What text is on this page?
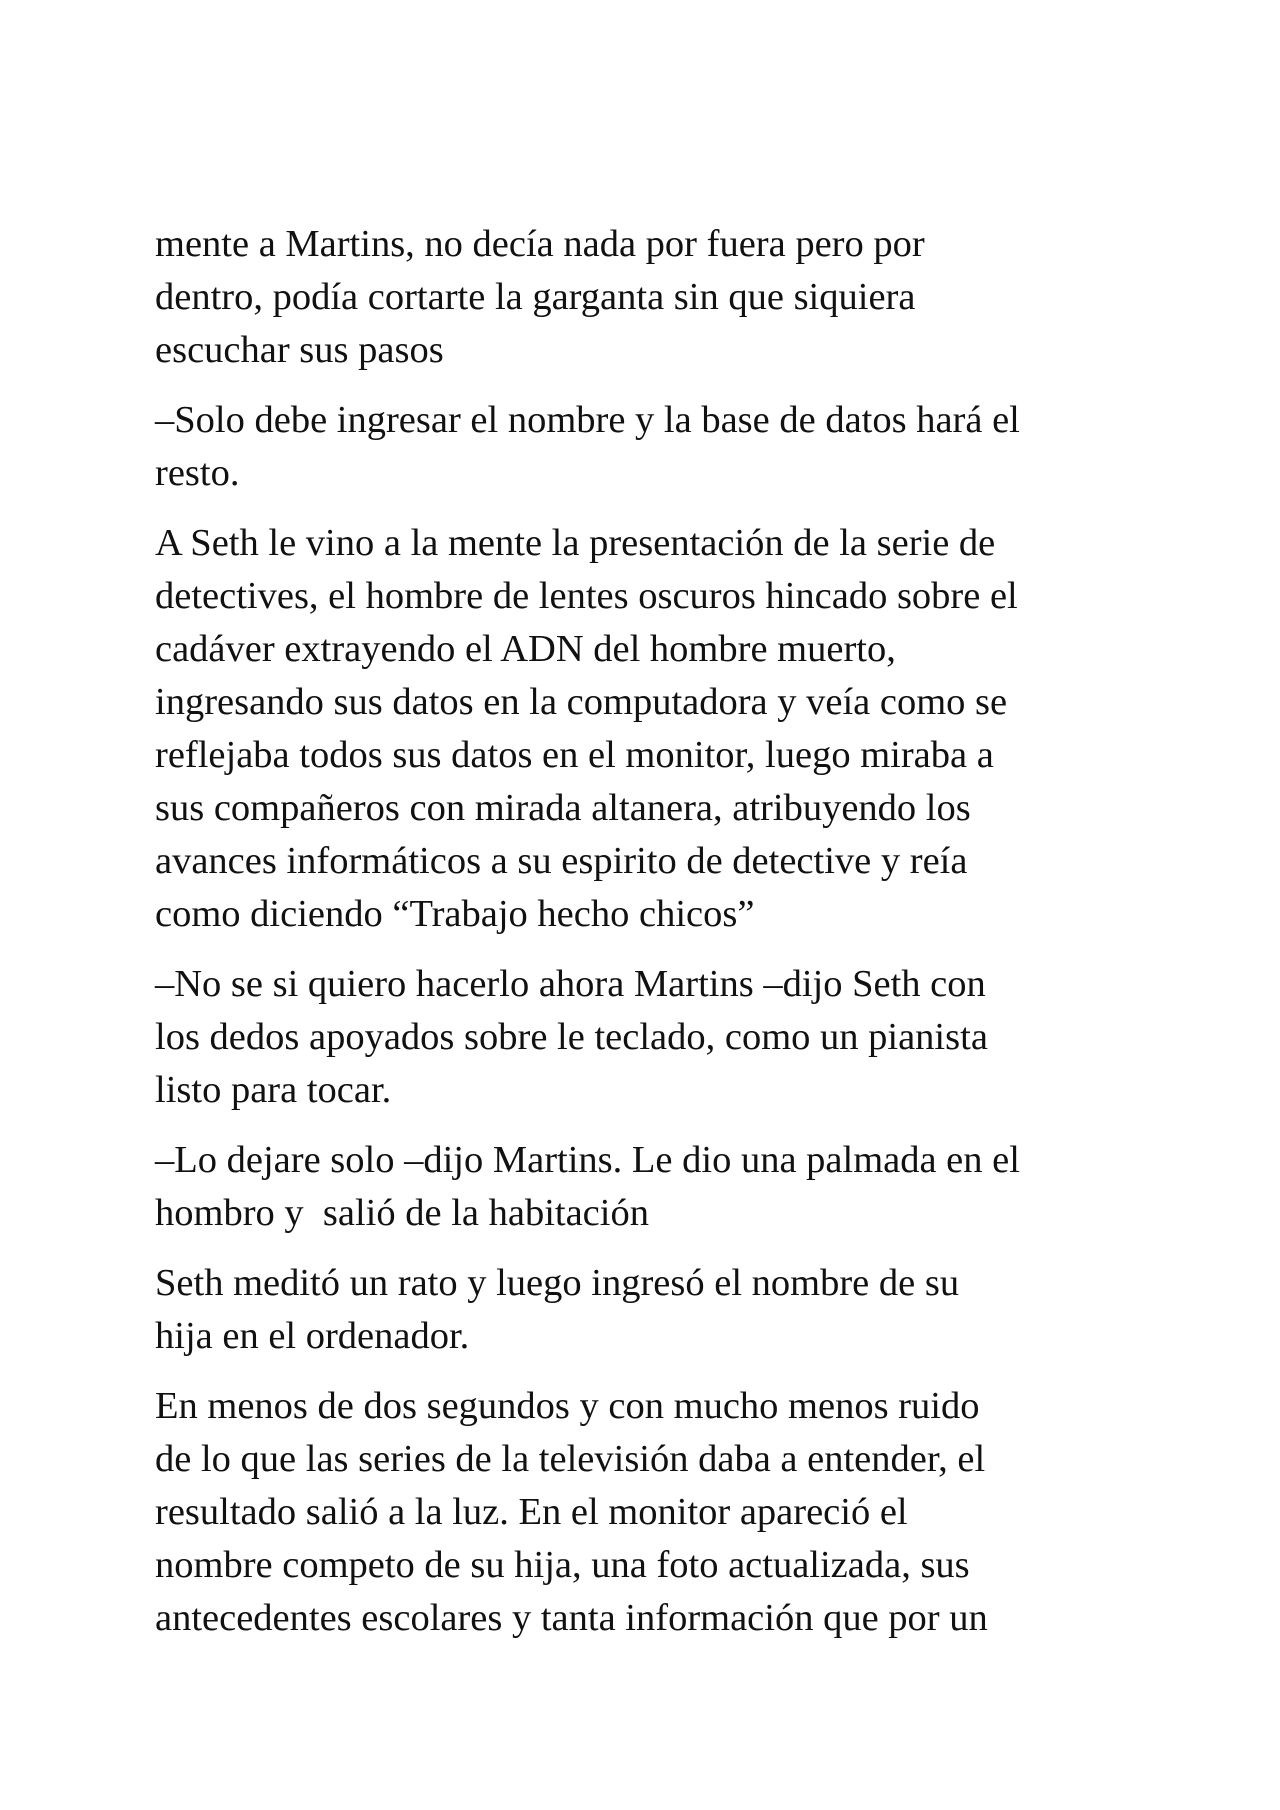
mente a Martins, no decía nada por fuera pero por
dentro, podía cortarte la garganta sin que siquiera
escuchar sus pasos
–Solo debe ingresar el nombre y la base de datos hará el
resto.
A Seth le vino a la mente la presentación de la serie de
detectives, el hombre de lentes oscuros hincado sobre el
cadáver extrayendo el ADN del hombre muerto,
ingresando sus datos en la computadora y veía como se
reflejaba todos sus datos en el monitor, luego miraba a
sus compañeros con mirada altanera, atribuyendo los
avances informáticos a su espirito de detective y reía
como diciendo “Trabajo hecho chicos”
–No se si quiero hacerlo ahora Martins –dijo Seth con
los dedos apoyados sobre le teclado, como un pianista
listo para tocar.
–Lo dejare solo –dijo Martins. Le dio una palmada en el
hombro y  salió de la habitación
Seth meditó un rato y luego ingresó el nombre de su
hija en el ordenador.
En menos de dos segundos y con mucho menos ruido
de lo que las series de la televisión daba a entender, el
resultado salió a la luz. En el monitor apareció el
nombre competo de su hija, una foto actualizada, sus
antecedentes escolares y tanta información que por un
